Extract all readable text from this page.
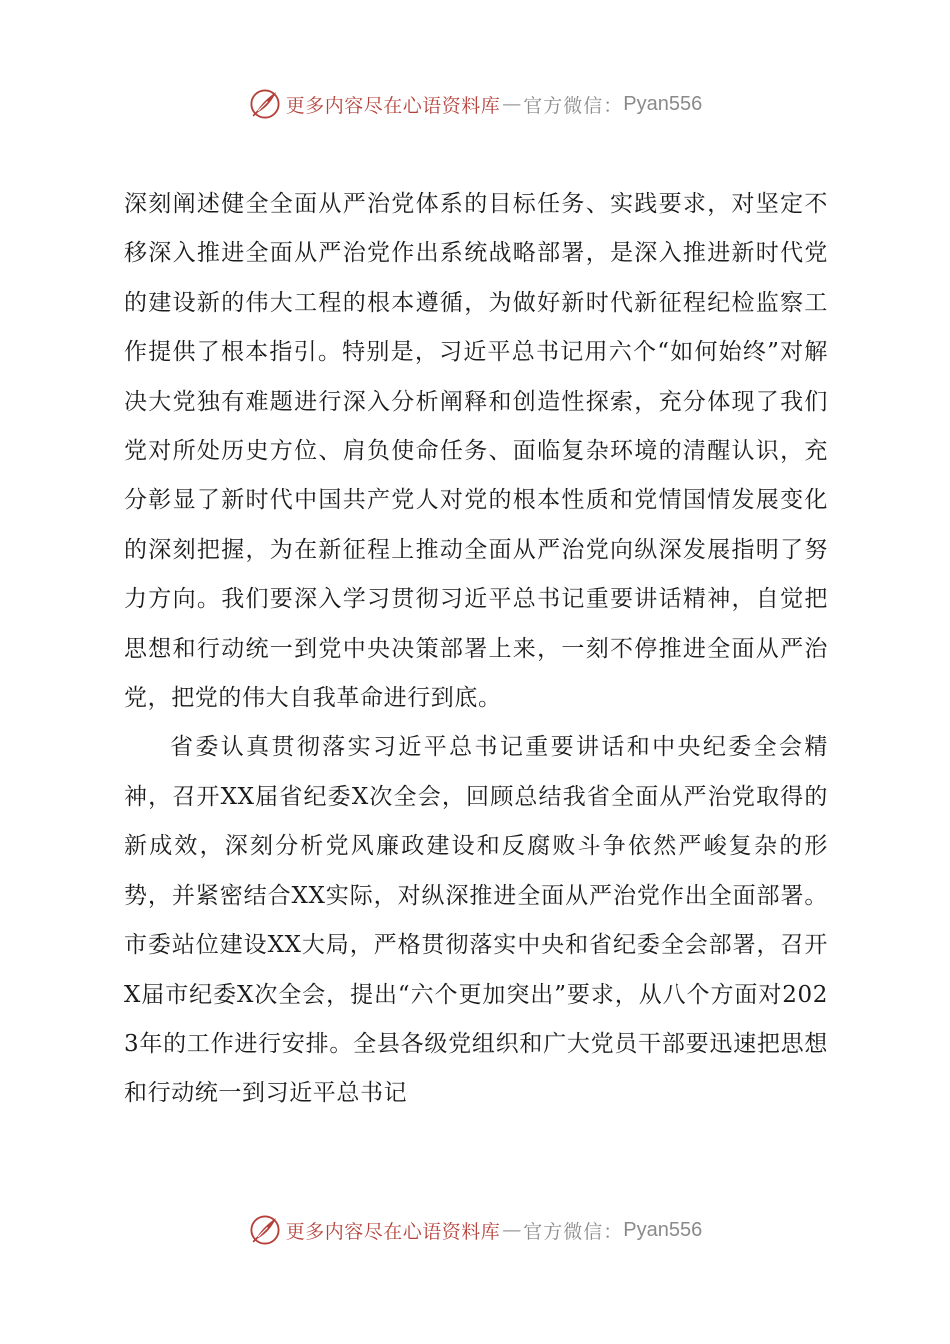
更多内容尽在心语资料库 — 官方微信： Pyan556

深刻阐述健全全面从严治党体系的目标任务、实践要求，对坚定不移深入推进全面从严治党作出系统战略部署，是深入推进新时代党的建设新的伟大工程的根本遵循，为做好新时代新征程纪检监察工作提供了根本指引。特别是，习近平总书记用六个“如何始终”对解决大党独有难题进行深入分析阐释和创造性探索，充分体现了我们党对所处历史方位、肩负使命任务、面临复杂环境的清醒认识，充分彰显了新时代中国共产党人对党的根本性质和党情国情发展变化的深刻把握，为在新征程上推动全面从严治党向纵深发展指明了努力方向。我们要深入学习贯彻习近平总书记重要讲话精神，自觉把思想和行动统一到党中央决策部署上来，一刻不停推进全面从严治党，把党的伟大自我革命进行到底。

省委认真贯彻落实习近平总书记重要讲话和中央纪委全会精神，召开XX届省纪委X次全会，回顾总结我省全面从严治党取得的新成效，深刻分析党风廉政建设和反腐败斗争依然严峻复杂的形势，并紧密结合XX实际，对纵深推进全面从严治党作出全面部署。市委站位建设XX大局，严格贯彻落实中央和省纪委全会部署，召开X届市纪委X次全会，提出“六个更加突出”要求，从八个方面对2023年的工作进行安排。全县各级党组织和广大党员干部要迅速把思想和行动统一到习近平总书记

更多内容尽在心语资料库 — 官方微信： Pyan556
